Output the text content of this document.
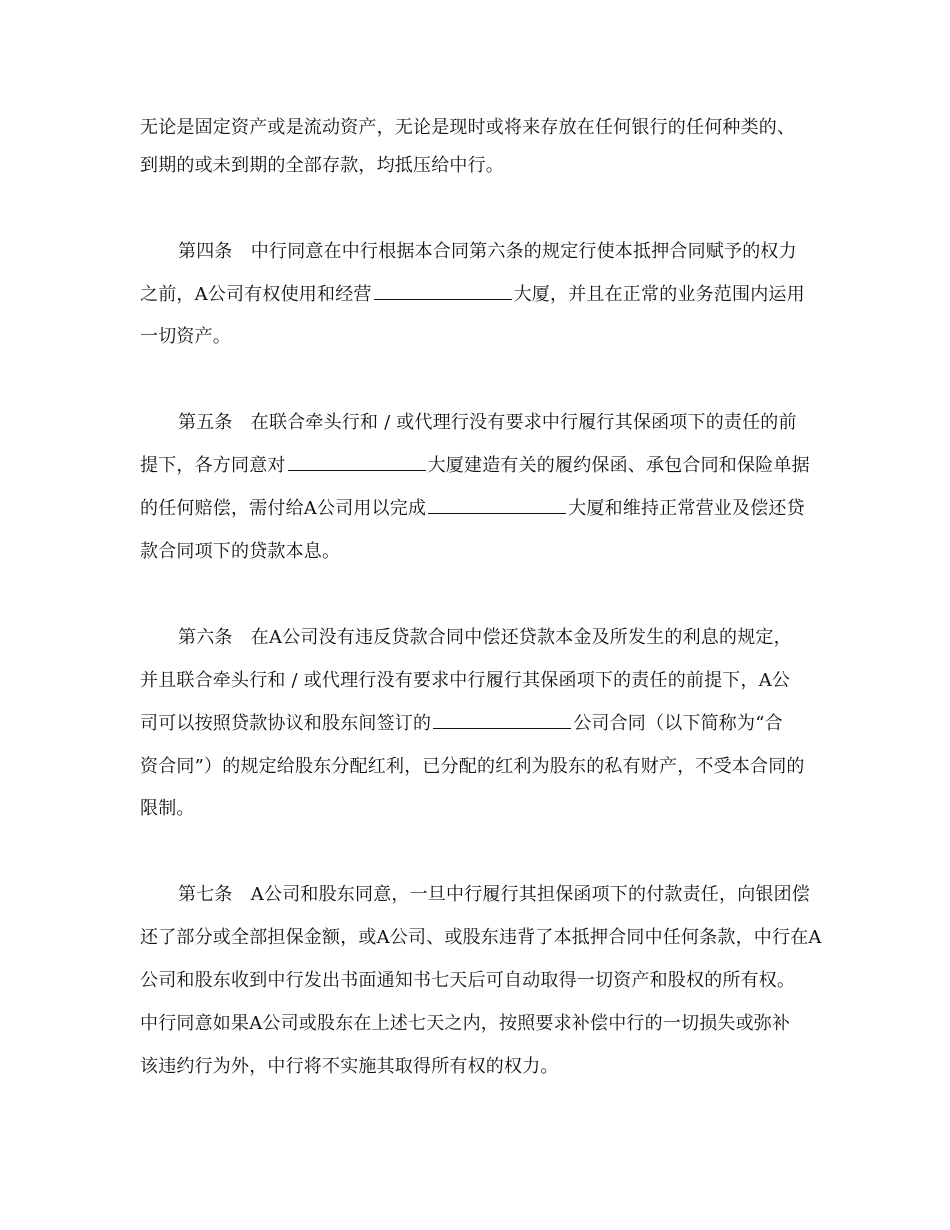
无论是固定资产或是流动资产，无论是现时或将来存放在任何银行的任何种类的、
到期的或未到期的全部存款，均抵压给中行。
第四条　中行同意在中行根据本合同第六条的规定行使本抵押合同赋予的权力
之前，A公司有权使用和经营	大厦，并且在正常的业务范围内运用
一切资产。
第五条　在联合牵头行和 / 或代理行没有要求中行履行其保函项下的责任的前
提下，各方同意对	大厦建造有关的履约保函、承包合同和保险单据
的任何赔偿，需付给A公司用以完成	大厦和维持正常营业及偿还贷
款合同项下的贷款本息。
第六条　在A公司没有违反贷款合同中偿还贷款本金及所发生的利息的规定，
并且联合牵头行和 / 或代理行没有要求中行履行其保函项下的责任的前提下，A公
司可以按照贷款协议和股东间签订的	公司合同（以下简称为“合
资合同”）的规定给股东分配红利，已分配的红利为股东的私有财产，不受本合同的
限制。
第七条　A公司和股东同意，一旦中行履行其担保函项下的付款责任，向银团偿
还了部分或全部担保金额，或A公司、或股东违背了本抵押合同中任何条款，中行在A
公司和股东收到中行发出书面通知书七天后可自动取得一切资产和股权的所有权。
中行同意如果A公司或股东在上述七天之内，按照要求补偿中行的一切损失或弥补
该违约行为外，中行将不实施其取得所有权的权力。
